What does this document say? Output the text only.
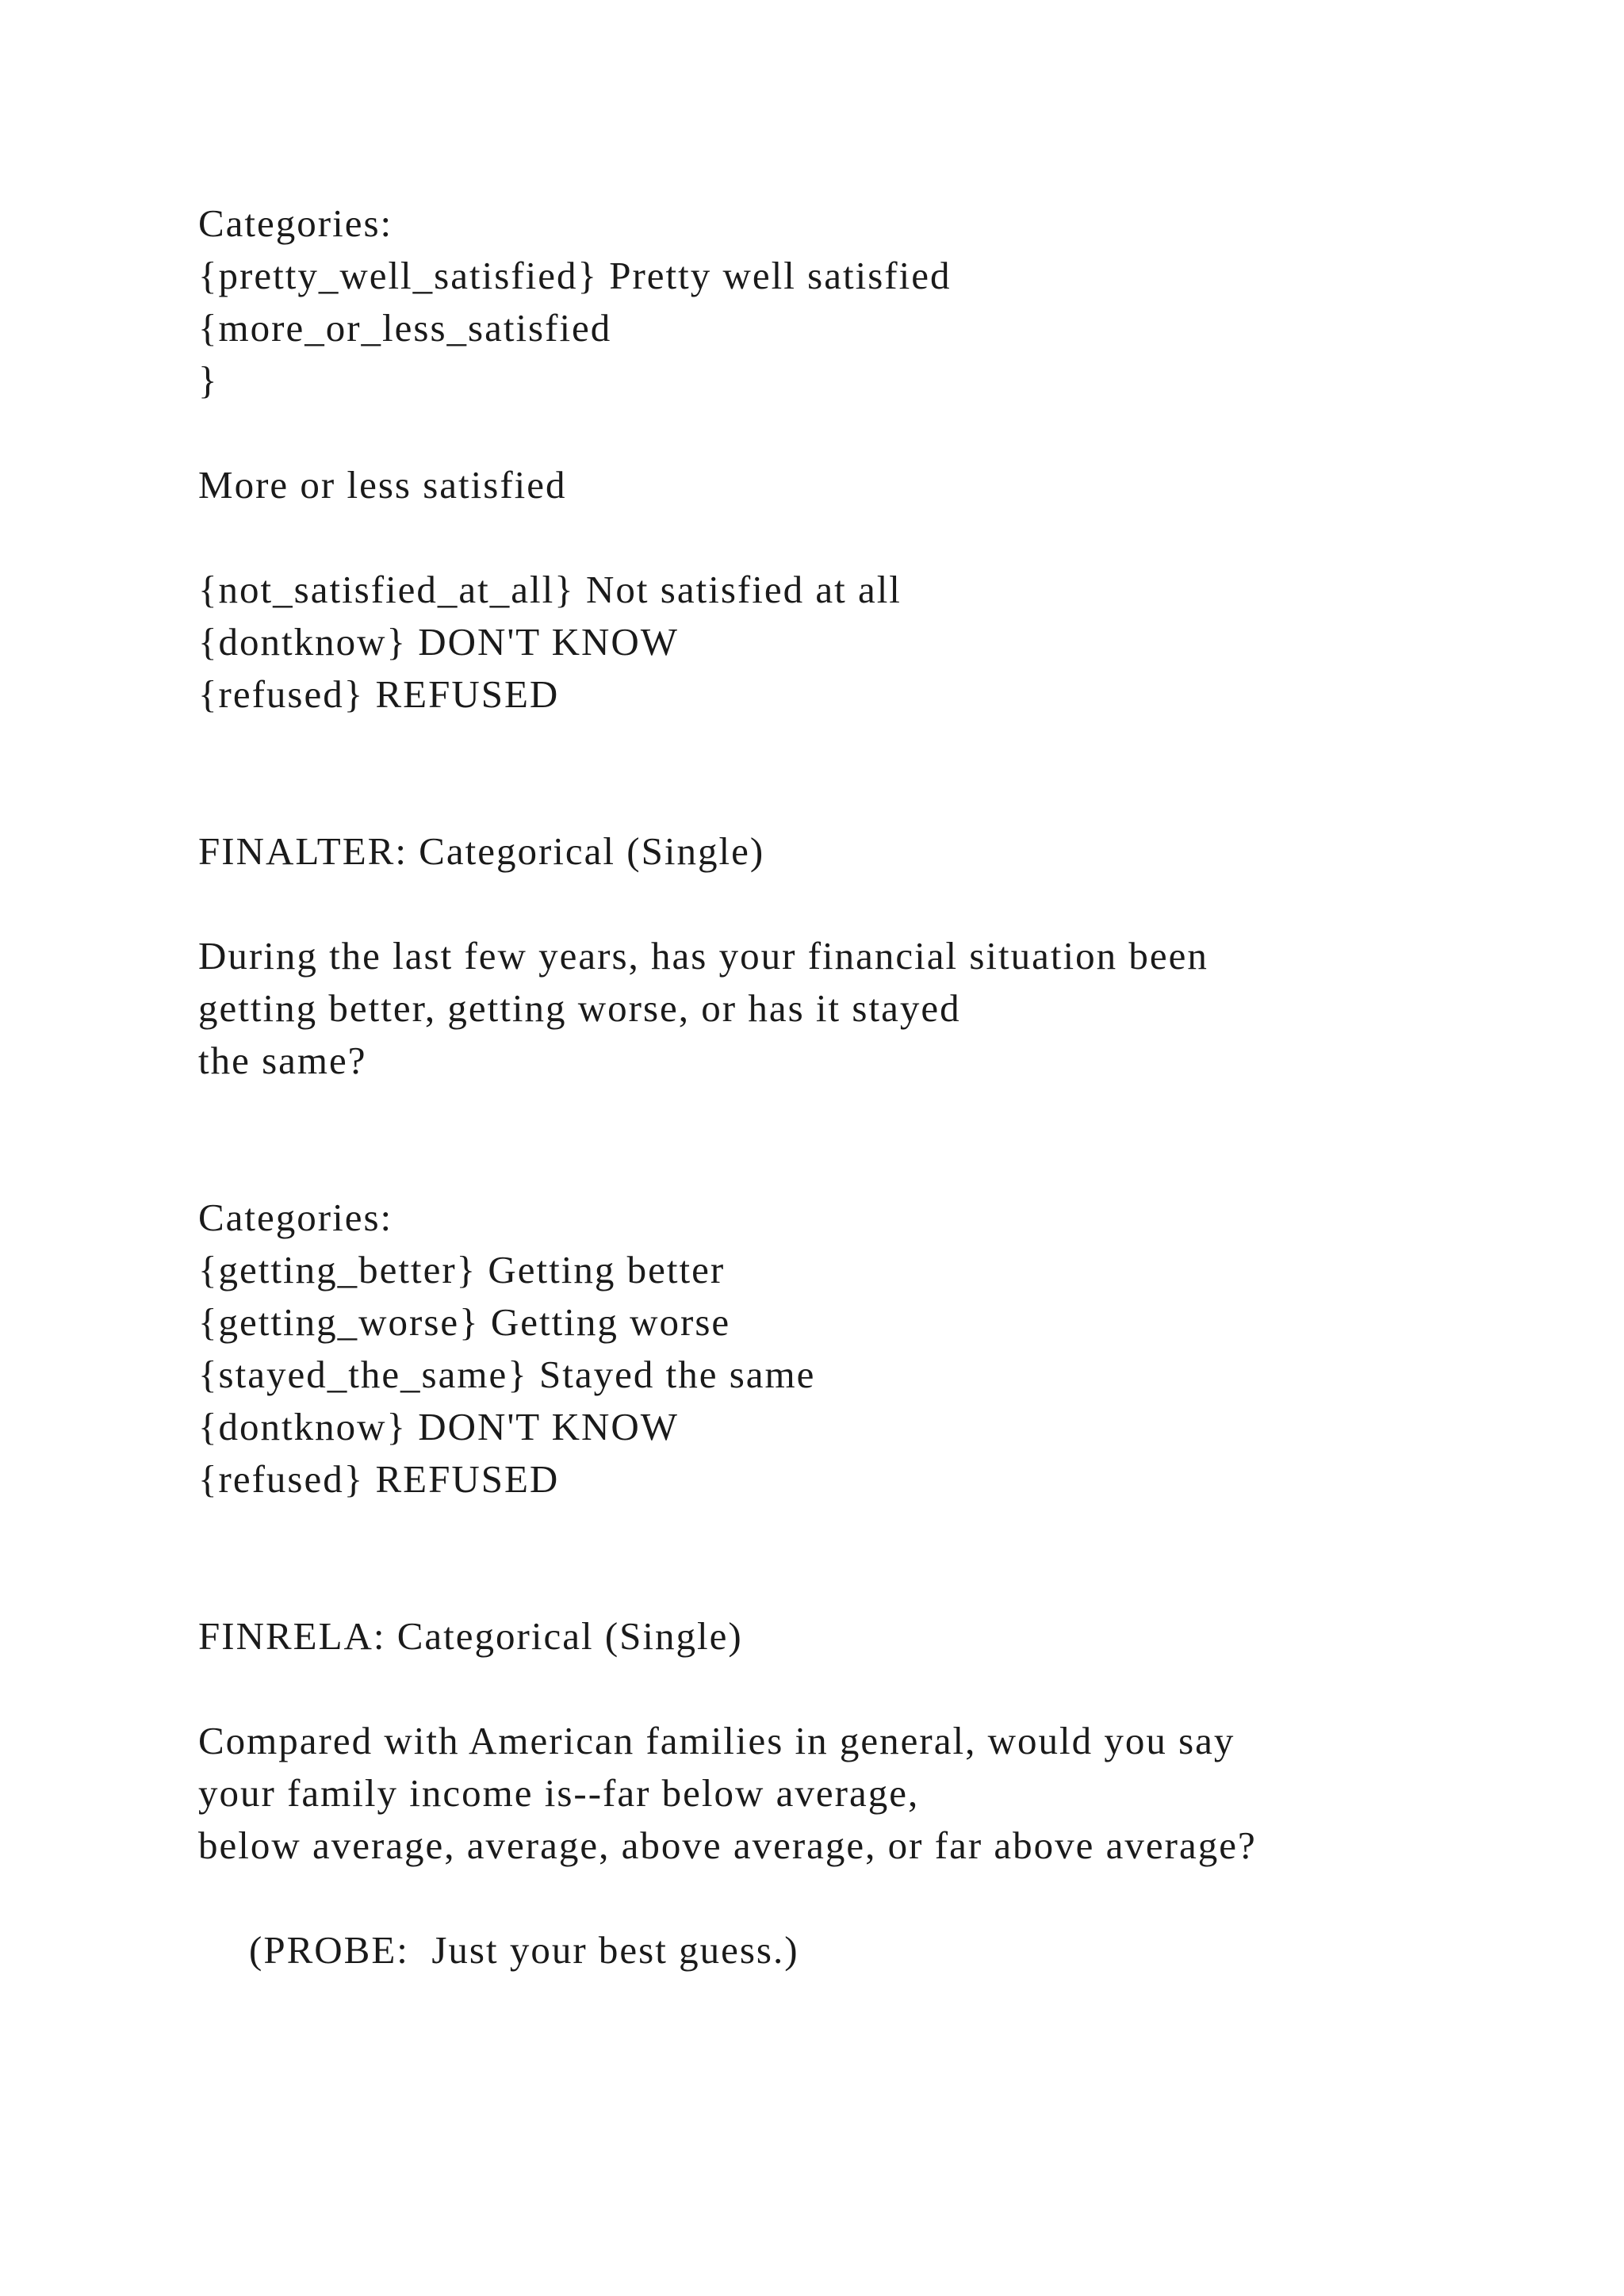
Categories:
{pretty_well_satisfied} Pretty well satisfied
{more_or_less_satisfied
}
More or less satisfied
{not_satisfied_at_all} Not satisfied at all
{dontknow} DON'T KNOW
{refused} REFUSED
FINALTER: Categorical (Single)
During the last few years, has your financial situation been
getting better, getting worse, or has it stayed
the same?
Categories:
{getting_better} Getting better
{getting_worse} Getting worse
{stayed_the_same} Stayed the same
{dontknow} DON'T KNOW
{refused} REFUSED
FINRELA: Categorical (Single)
Compared with American families in general, would you say
your family income is--far below average,
below average, average, above average, or far above average?
(PROBE:  Just your best guess.)
